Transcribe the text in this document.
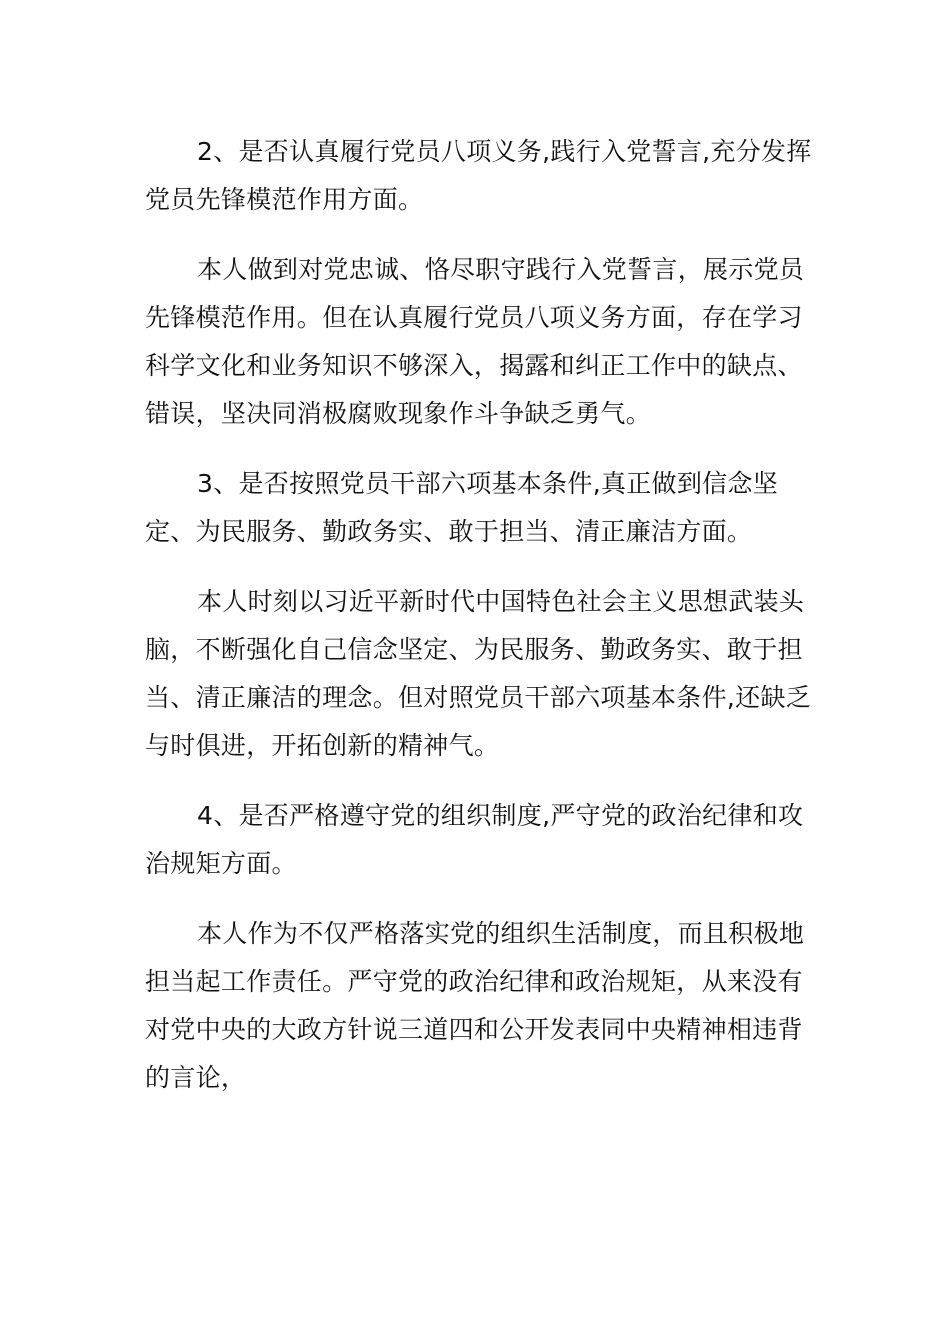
2、是否认真履行党员八项义务,践行入党誓言,充分发挥党员先锋模范作用方面。

本人做到对党忠诚、恪尽职守践行入党誓言，展示党员先锋模范作用。但在认真履行党员八项义务方面，存在学习科学文化和业务知识不够深入，揭露和纠正工作中的缺点、错误，坚决同消极腐败现象作斗争缺乏勇气。

3、是否按照党员干部六项基本条件,真正做到信念坚定、为民服务、勤政务实、敢于担当、清正廉洁方面。

本人时刻以习近平新时代中国特色社会主义思想武装头脑，不断强化自己信念坚定、为民服务、勤政务实、敢于担当、清正廉洁的理念。但对照党员干部六项基本条件,还缺乏与时俱进，开拓创新的精神气。

4、是否严格遵守党的组织制度,严守党的政治纪律和攻治规矩方面。

本人作为不仅严格落实党的组织生活制度，而且积极地担当起工作责任。严守党的政治纪律和政治规矩，从来没有对党中央的大政方针说三道四和公开发表同中央精神相违背的言论，
